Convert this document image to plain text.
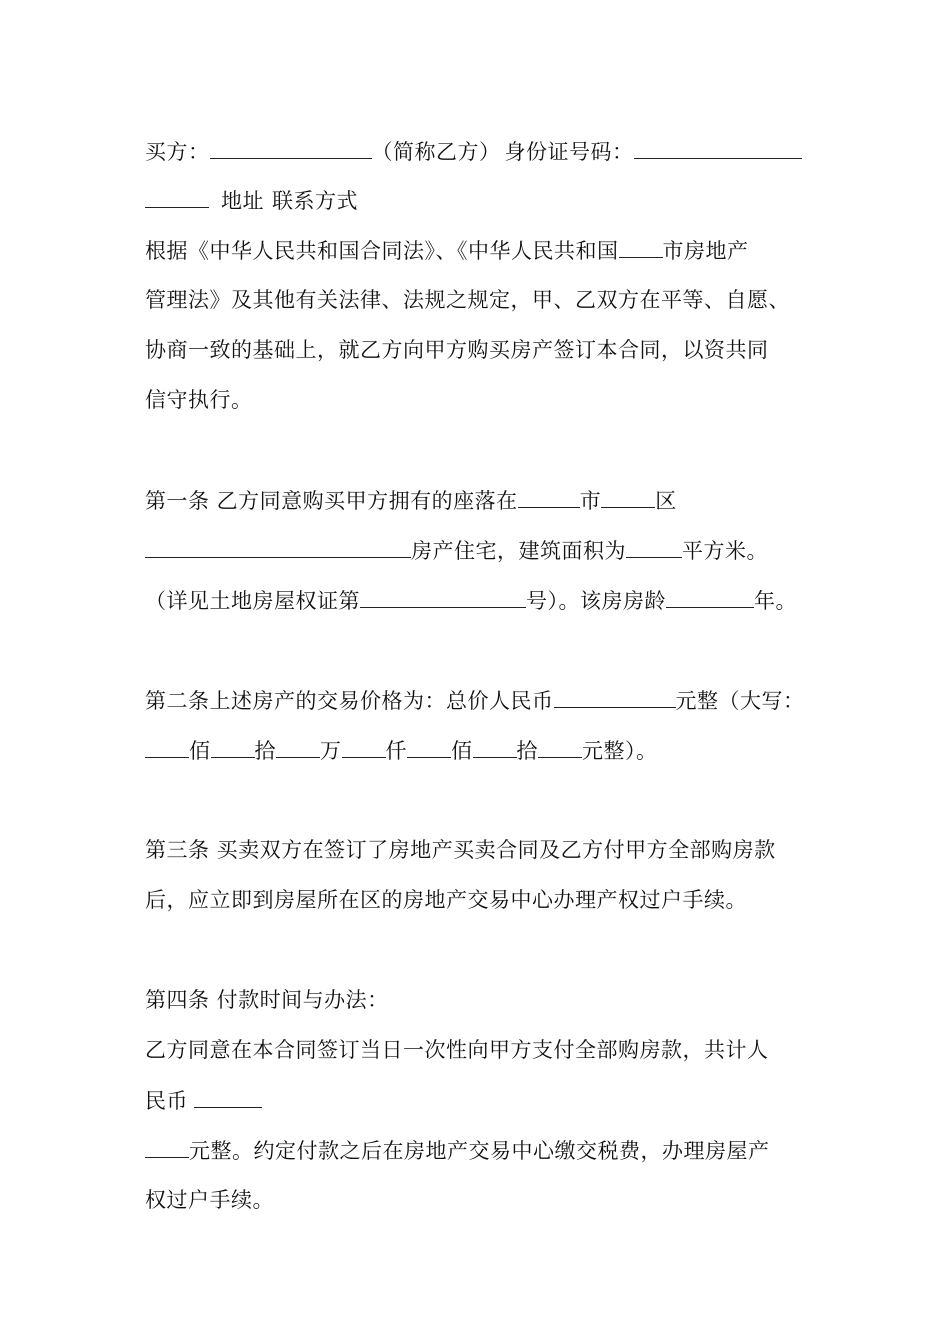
买方：	（简称乙方） 身份证号码：
地址 联系方式
根据《中华人民共和国合同法》、《中华人民共和国 市房地产
管理法》及其他有关法律、法规之规定，甲、乙双方在平等、自愿、
协商一致的基础上，就乙方向甲方购买房产签订本合同，以资共同
信守执行。
第一条 乙方同意购买甲方拥有的座落在	市	区
房产住宅，建筑面积为	平方米。
（详见土地房屋权证第	号）。该房房龄	年。
第二条上述房产的交易价格为：总价人民币	元整（大写：
佰 拾 万 仟 佰 拾 元整）。
第三条 买卖双方在签订了房地产买卖合同及乙方付甲方全部购房款
后，应立即到房屋所在区的房地产交易中心办理产权过户手续。
第四条 付款时间与办法：
乙方同意在本合同签订当日一次性向甲方支付全部购房款，共计人
民币
元整。约定付款之后在房地产交易中心缴交税费，办理房屋产
权过户手续。
